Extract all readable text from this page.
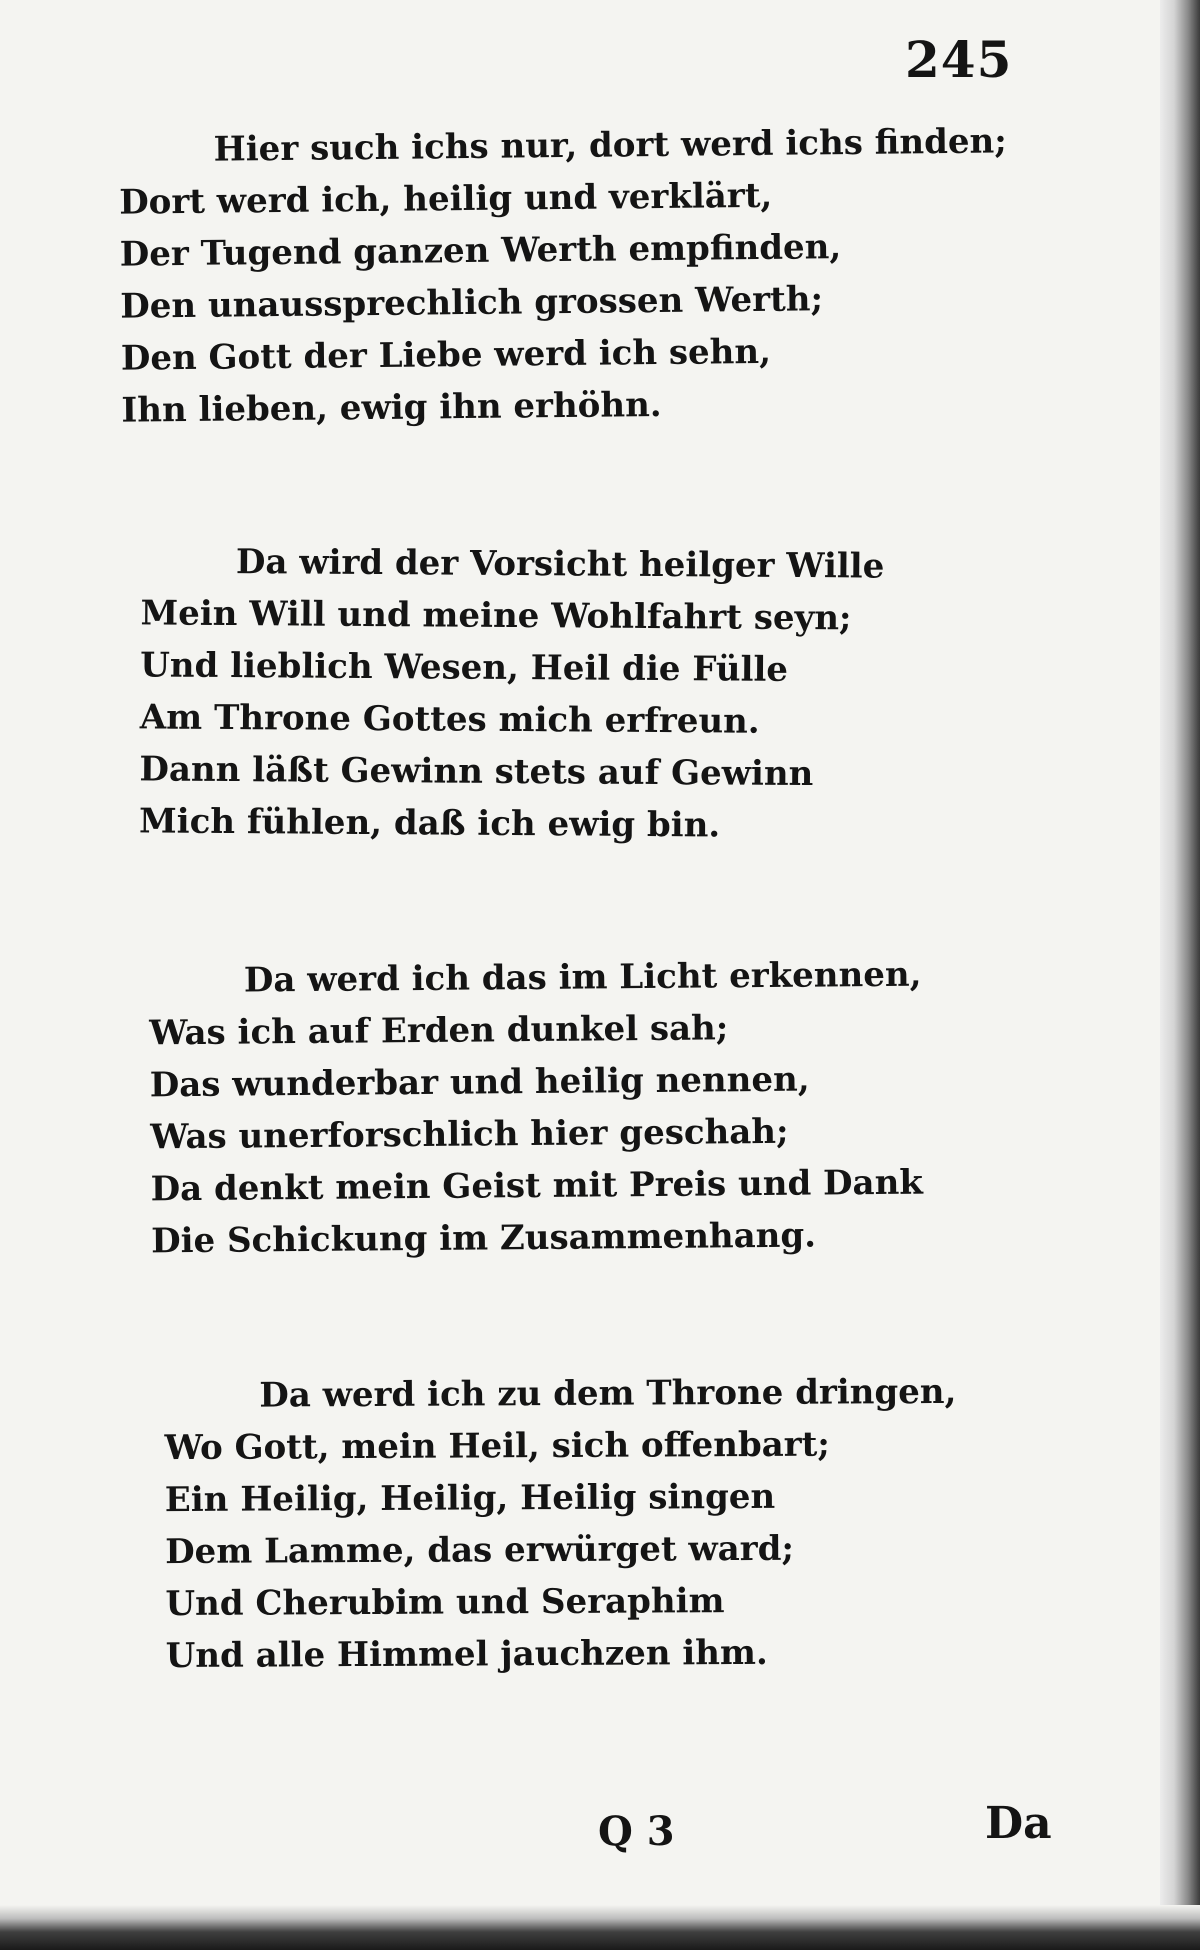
245
Hier such ichs nur, dort werd ichs finden;
Dort werd ich, heilig und verklärt,
Der Tugend ganzen Werth empfinden,
Den unaussprechlich grossen Werth;
Den Gott der Liebe werd ich sehn,
Ihn lieben, ewig ihn erhöhn.
Da wird der Vorsicht heilger Wille
Mein Will und meine Wohlfahrt seyn;
Und lieblich Wesen, Heil die Fülle
Am Throne Gottes mich erfreun.
Dann läßt Gewinn stets auf Gewinn
Mich fühlen, daß ich ewig bin.
Da werd ich das im Licht erkennen,
Was ich auf Erden dunkel sah;
Das wunderbar und heilig nennen,
Was unerforschlich hier geschah;
Da denkt mein Geist mit Preis und Dank
Die Schickung im Zusammenhang.
Da werd ich zu dem Throne dringen,
Wo Gott, mein Heil, sich offenbart;
Ein Heilig, Heilig, Heilig singen
Dem Lamme, das erwürget ward;
Und Cherubim und Seraphim
Und alle Himmel jauchzen ihm.
Q 3	Da
